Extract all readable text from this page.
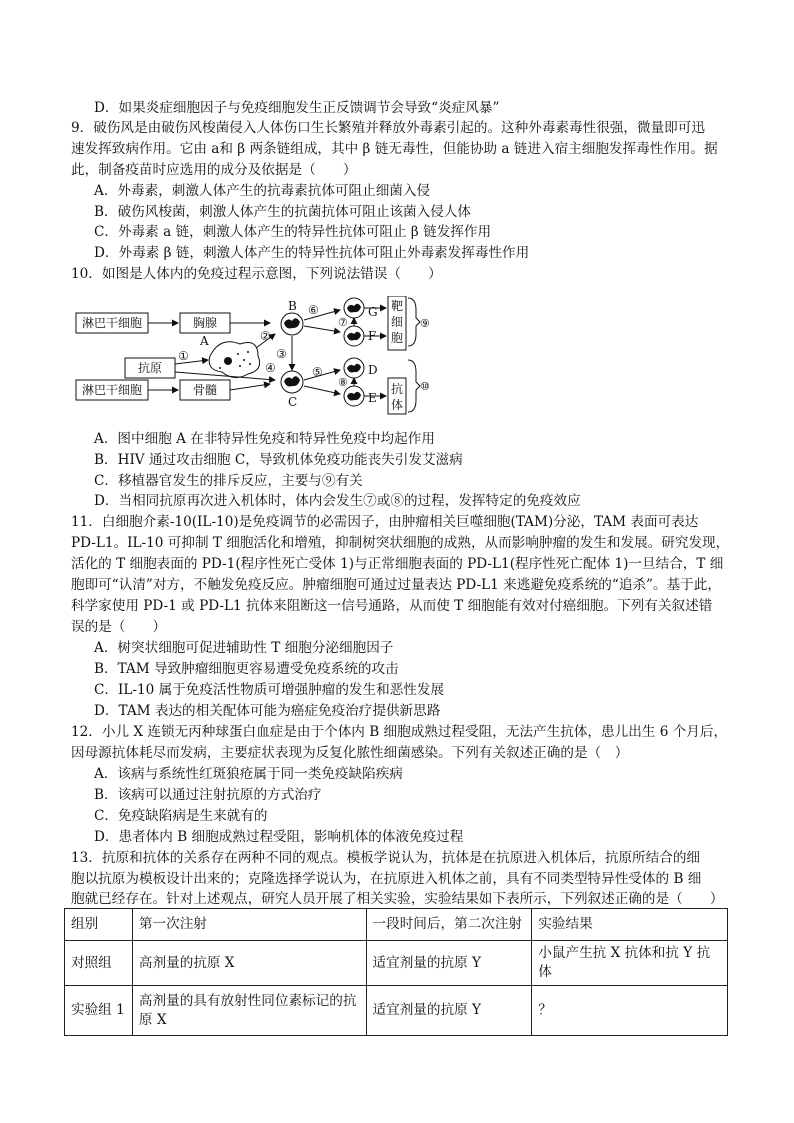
D．如果炎症细胞因子与免疫细胞发生正反馈调节会导致“炎症风暴”
9．破伤风是由破伤风梭菌侵入人体伤口生长繁殖并释放外毒素引起的。这种外毒素毒性很强，微量即可迅
速发挥致病作用。它由 a和 β 两条链组成，其中 β 链无毒性，但能协助 a 链进入宿主细胞发挥毒性作用。据
此，制备疫苗时应选用的成分及依据是（　　）
A．外毒素，刺激人体产生的抗毒素抗体可阻止细菌入侵
B．破伤风梭菌，刺激人体产生的抗菌抗体可阻止该菌入侵人体
C．外毒素 a 链，刺激人体产生的特异性抗体可阻止 β 链发挥作用
D．外毒素 β 链，刺激人体产生的特异性抗体可阻止外毒素发挥毒性作用
10．如图是人体内的免疫过程示意图，下列说法错误（　　）
淋巴干细胞	胸腺
B ⑥	G
F
⑦
靶细胞
⑨
A	②
抗原
①
④
③
淋巴干细胞	骨髓
C
⑤	D
E
⑧	抗体
⑩
A．图中细胞 A 在非特异性免疫和特异性免疫中均起作用
B．HIV 通过攻击细胞 C，导致机体免疫功能丧失引发艾滋病
C．移植器官发生的排斥反应，主要与⑨有关
D．当相同抗原再次进入机体时，体内会发生⑦或⑧的过程，发挥特定的免疫效应
11．白细胞介素-10(IL-10)是免疫调节的必需因子，由肿瘤相关巨噬细胞(TAM)分泌，TAM 表面可表达
PD-L1。IL-10 可抑制 T 细胞活化和增殖，抑制树突状细胞的成熟，从而影响肿瘤的发生和发展。研究发现，
活化的 T 细胞表面的 PD-1(程序性死亡受体 1)与正常细胞表面的 PD-L1(程序性死亡配体 1)一旦结合，T 细
胞即可“认清”对方，不触发免疫反应。肿瘤细胞可通过过量表达 PD-L1 来逃避免疫系统的“追杀”。基于此，
科学家使用 PD-1 或 PD-L1 抗体来阻断这一信号通路，从而使 T 细胞能有效对付癌细胞。下列有关叙述错
误的是（　　）
A．树突状细胞可促进辅助性 T 细胞分泌细胞因子
B．TAM 导致肿瘤细胞更容易遭受免疫系统的攻击
C．IL-10 属于免疫活性物质可增强肿瘤的发生和恶性发展
D．TAM 表达的相关配体可能为癌症免疫治疗提供新思路
12．小儿 X 连锁无丙种球蛋白血症是由于个体内 B 细胞成熟过程受阻，无法产生抗体，患儿出生 6 个月后，
因母源抗体耗尽而发病，主要症状表现为反复化脓性细菌感染。下列有关叙述正确的是（　）
A．该病与系统性红斑狼疮属于同一类免疫缺陷疾病
B．该病可以通过注射抗原的方式治疗
C．免疫缺陷病是生来就有的
D．患者体内 B 细胞成熟过程受阻，影响机体的体液免疫过程
13．抗原和抗体的关系存在两种不同的观点。模板学说认为，抗体是在抗原进入机体后，抗原所结合的细
胞以抗原为模板设计出来的；克隆选择学说认为，在抗原进入机体之前，具有不同类型特异性受体的 B 细
胞就已经存在。针对上述观点，研究人员开展了相关实验，实验结果如下表所示，下列叙述正确的是（　　）
组别	第一次注射	一段时间后，第二次注射	实验结果
对照组	高剂量的抗原 X	适宜剂量的抗原 Y	小鼠产生抗 X 抗体和抗 Y 抗体
实验组 1	高剂量的具有放射性同位素标记的抗原 X	适宜剂量的抗原 Y	？
